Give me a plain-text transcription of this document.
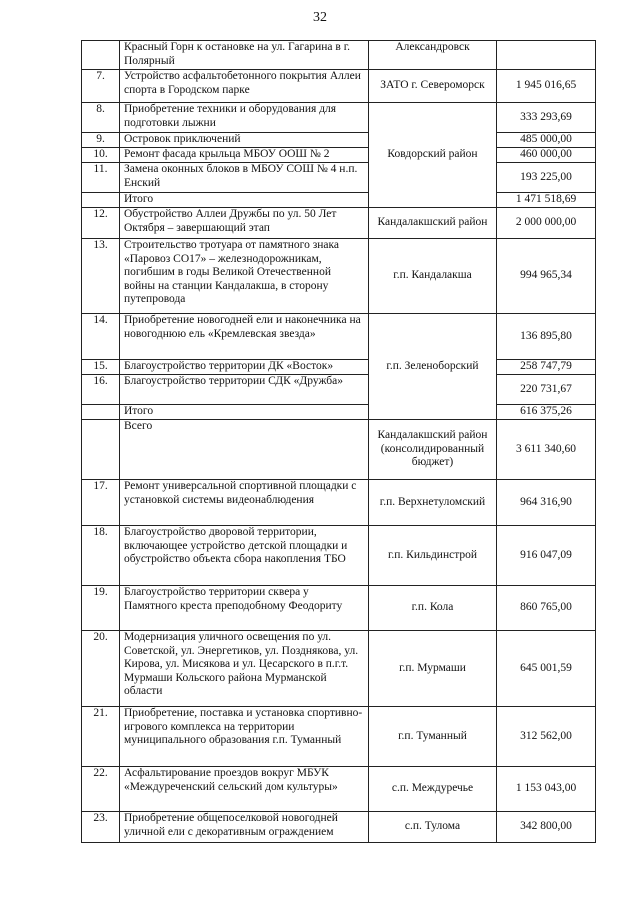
32
	Красный Горн к остановке на ул. Гагарина в г. Полярный	Александровск	
7.	Устройство асфальтобетонного покрытия Аллеи спорта в Городском парке	ЗАТО г. Североморск	1 945 016,65
8.	Приобретение техники и оборудования для подготовки лыжни	Ковдорский район	333 293,69
9.	Островок приключений		485 000,00
10.	Ремонт фасада крыльца МБОУ ООШ № 2		460 000,00
11.	Замена оконных блоков в МБОУ СОШ № 4 н.п. Енский		193 225,00
	Итого		1 471 518,69
12.	Обустройство Аллеи Дружбы по ул. 50 Лет Октября – завершающий этап	Кандалакшский район	2 000 000,00
13.	Строительство тротуара от памятного знака «Паровоз СО17» – железнодорожникам, погибшим в годы Великой Отечественной войны на станции Кандалакша, в сторону путепровода	г.п. Кандалакша	994 965,34
14.	Приобретение новогодней ели и наконечника на новогоднюю ель «Кремлевская звезда»	г.п. Зеленоборский	136 895,80
15.	Благоустройство территории ДК «Восток»		258 747,79
16.	Благоустройство территории СДК «Дружба»		220 731,67
	Итого		616 375,26
	Всего	Кандалакшский район (консолидированный бюджет)	3 611 340,60
17.	Ремонт универсальной спортивной площадки с установкой системы видеонаблюдения	г.п. Верхнетуломский	964 316,90
18.	Благоустройство дворовой территории, включающее устройство детской площадки и обустройство объекта сбора накопления ТБО	г.п. Кильдинстрой	916 047,09
19.	Благоустройство территории сквера у Памятного креста преподобному Феодориту	г.п. Кола	860 765,00
20.	Модернизация уличного освещения по ул. Советской, ул. Энергетиков, ул. Позднякова, ул. Кирова, ул. Мисякова и ул. Цесарского в п.г.т. Мурмаши Кольского района Мурманской области	г.п. Мурмаши	645 001,59
21.	Приобретение, поставка и установка спортивно-игрового комплекса на территории муниципального образования г.п. Туманный	г.п. Туманный	312 562,00
22.	Асфальтирование проездов вокруг МБУК «Междуреченский сельский дом культуры»	с.п. Междуречье	1 153 043,00
23.	Приобретение общепоселковой новогодней уличной ели с декоративным ограждением	с.п. Тулома	342 800,00
